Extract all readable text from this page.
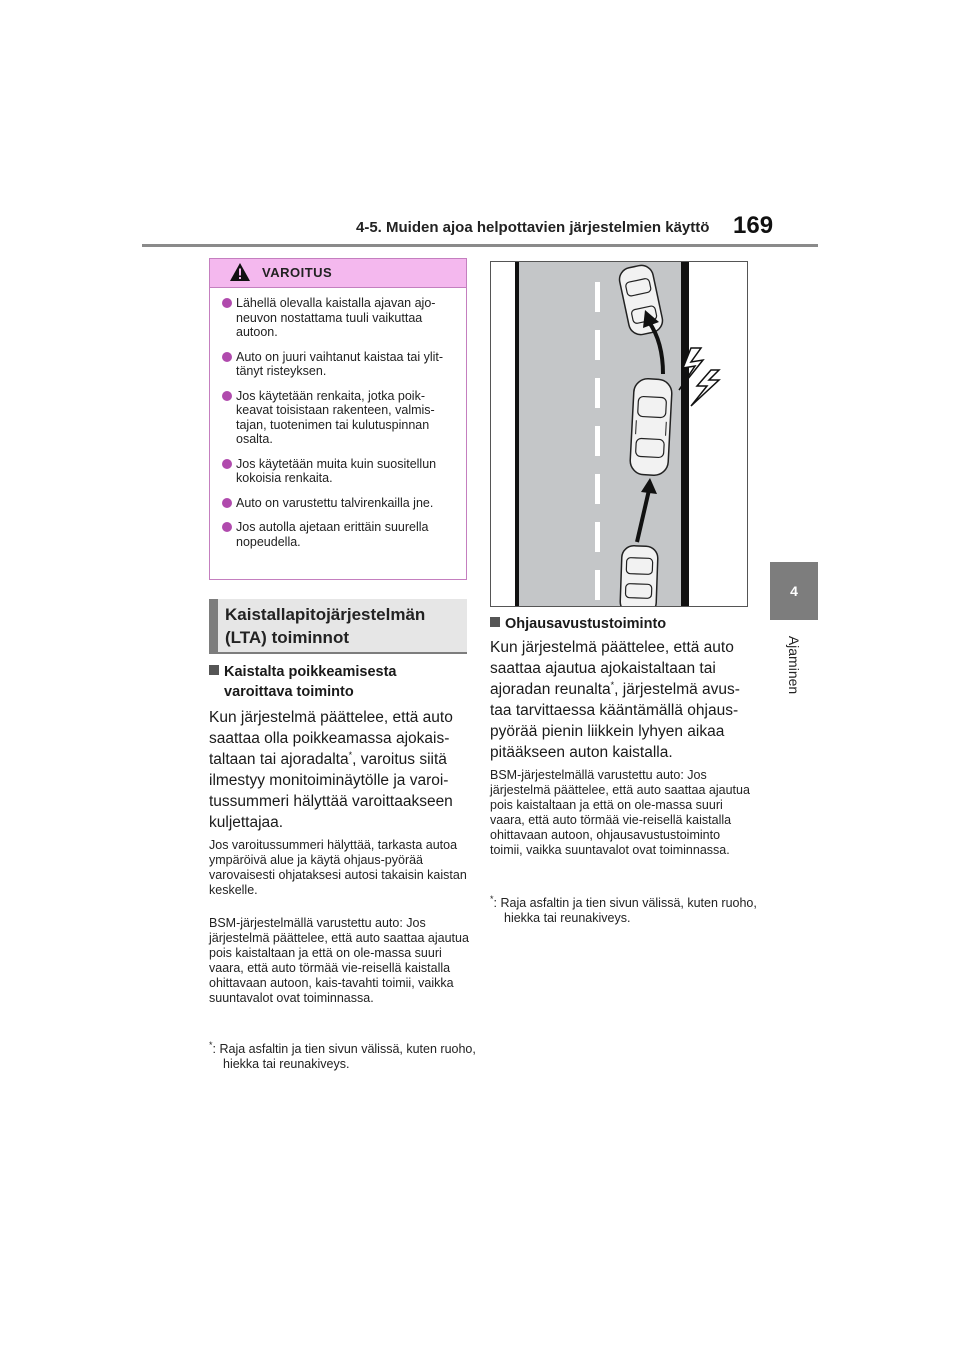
4-5. Muiden ajoa helpottavien järjestelmien käyttö 169
4
Ajaminen
VAROITUS
Lähellä olevalla kaistalla ajavan ajo-neuvon nostattama tuuli vaikuttaa autoon.
Auto on juuri vaihtanut kaistaa tai ylit-tänyt risteyksen.
Jos käytetään renkaita, jotka poik-keavat toisistaan rakenteen, valmis-tajan, tuotenimen tai kulutuspinnan osalta.
Jos käytetään muita kuin suositellun kokoisia renkaita.
Auto on varustettu talvirenkailla jne.
Jos autolla ajetaan erittäin suurella nopeudella.
Kaistallapitojärjestelmän
(LTA) toiminnot
Kaistalta poikkeamisesta
varoittava toiminto
Kun järjestelmä päättelee, että auto saattaa olla poikkeamassa ajokais-taltaan tai ajoradalta*, varoitus siitä ilmestyy monitoiminäytölle ja varoi-tussummeri hälyttää varoittaakseen kuljettajaa.
Jos varoitussummeri hälyttää, tarkasta autoa ympäröivä alue ja käytä ohjaus-pyörää varovaisesti ohjataksesi autosi takaisin kaistan keskelle.
BSM-järjestelmällä varustettu auto: Jos järjestelmä päättelee, että auto saattaa ajautua pois kaistaltaan ja että on ole-massa suuri vaara, että auto törmää vie-reisellä kaistalla ohittavaan autoon, kais-tavahti toimii, vaikka suuntavalot ovat toiminnassa.
*: Raja asfaltin ja tien sivun välissä, kuten ruoho, hiekka tai reunakiveys.
Ohjausavustustoiminto
Kun järjestelmä päättelee, että auto saattaa ajautua ajokaistaltaan tai ajoradan reunalta*, järjestelmä avus-taa tarvittaessa kääntämällä ohjaus-pyörää pienin liikkein lyhyen aikaa pitääkseen auton kaistalla.
BSM-järjestelmällä varustettu auto: Jos järjestelmä päättelee, että auto saattaa ajautua pois kaistaltaan ja että on ole-massa suuri vaara, että auto törmää vie-reisellä kaistalla ohittavaan autoon, ohjausavustustoiminto toimii, vaikka suuntavalot ovat toiminnassa.
*: Raja asfaltin ja tien sivun välissä, kuten ruoho, hiekka tai reunakiveys.
